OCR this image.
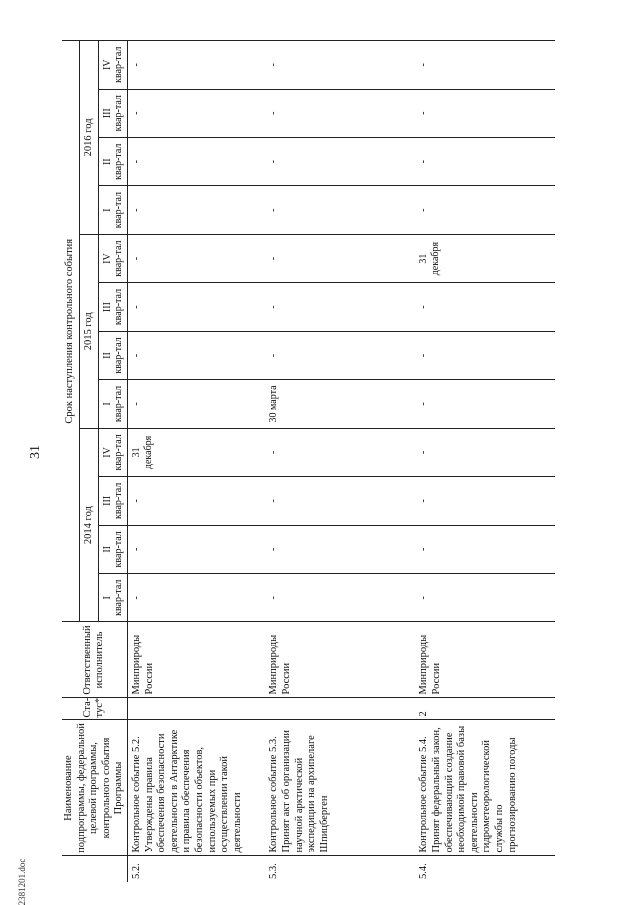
31
2381201.doc
	Наименование подпрограммы, федеральной целевой программы, контрольного события Программы	Ста-тус*	Ответственный исполнитель	Срок наступления контрольного события											
				2014 год				2015 год				2016 год			

				I квар-тал	II квар-тал	III квар-тал	IV квар-тал	I квар-тал	II квар-тал	III квар-тал	IV квар-тал	I квар-тал	II квар-тал	III квар-тал	IV квар-тал

5.2.	Контрольное событие 5.2. Утверждены правила обеспечения безопасности деятельности в Антарктике и правила обеспечения безопасности объектов, используемых при осуществлении такой деятельности		Минприроды России	-	-	-	31 декабря	-	-	-	-	-	-	-	-
5.3.	Контрольное событие 5.3. Принят акт об организации научной арктической экспедиции на архипелаге Шпицберген		Минприроды России	-	-	-	-	30 марта	-	-	-	-	-	-	-
5.4.	Контрольное событие 5.4. Принят федеральный закон, обеспечивающий создание необходимой правовой базы деятельности гидрометеорологической службы по прогнозированию погоды	2	Минприроды России	-	-	-	-	-	-	-	31 декабря	-	-	-	-
